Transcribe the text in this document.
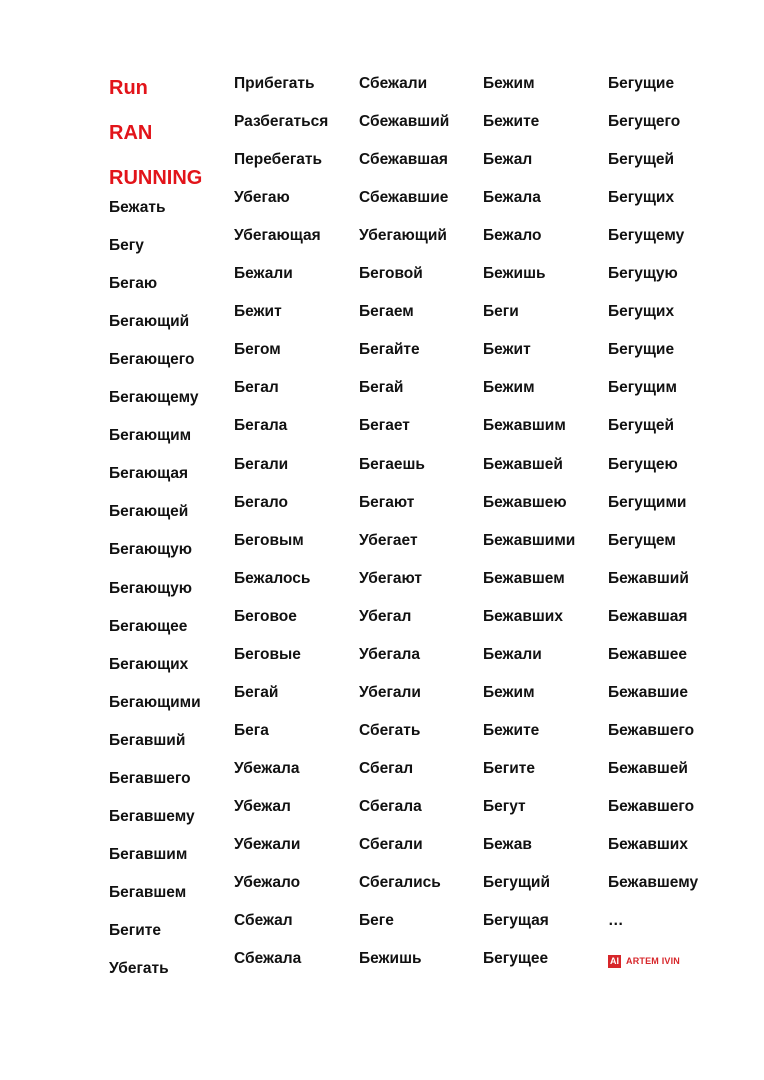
Run
RAN
RUNNING
Бежать
Бегу
Бегаю
Бегающий
Бегающего
Бегающему
Бегающим
Бегающая
Бегающей
Бегающую
Бегающую
Бегающее
Бегающих
Бегающими
Бегавший
Бегавшего
Бегавшему
Бегавшим
Бегавшем
Бегите
Убегать
Прибегать
Разбегаться
Перебегать
Убегаю
Убегающая
Бежали
Бежит
Бегом
Бегал
Бегала
Бегали
Бегало
Беговым
Бежалось
Беговое
Беговые
Бегай
Бега
Убежала
Убежал
Убежали
Убежало
Сбежал
Сбежала
Сбежали
Сбежавший
Сбежавшая
Сбежавшие
Убегающий
Беговой
Бегаем
Бегайте
Бегай
Бегает
Бегаешь
Бегают
Убегает
Убегают
Убегал
Убегала
Убегали
Сбегать
Сбегал
Сбегала
Сбегали
Сбегались
Беге
Бежишь
Бежим
Бежите
Бежал
Бежала
Бежало
Бежишь
Беги
Бежит
Бежим
Бежавшим
Бежавшей
Бежавшею
Бежавшими
Бежавшем
Бежавших
Бежали
Бежим
Бежите
Бегите
Бегут
Бежав
Бегущий
Бегущая
Бегущее
Бегущие
Бегущего
Бегущей
Бегущих
Бегущему
Бегущую
Бегущих
Бегущие
Бегущим
Бегущей
Бегущею
Бегущими
Бегущем
Бежавший
Бежавшая
Бежавшее
Бежавшие
Бежавшего
Бежавшей
Бежавшего
Бежавших
Бежавшему
…
AI ARTEM IVIN
